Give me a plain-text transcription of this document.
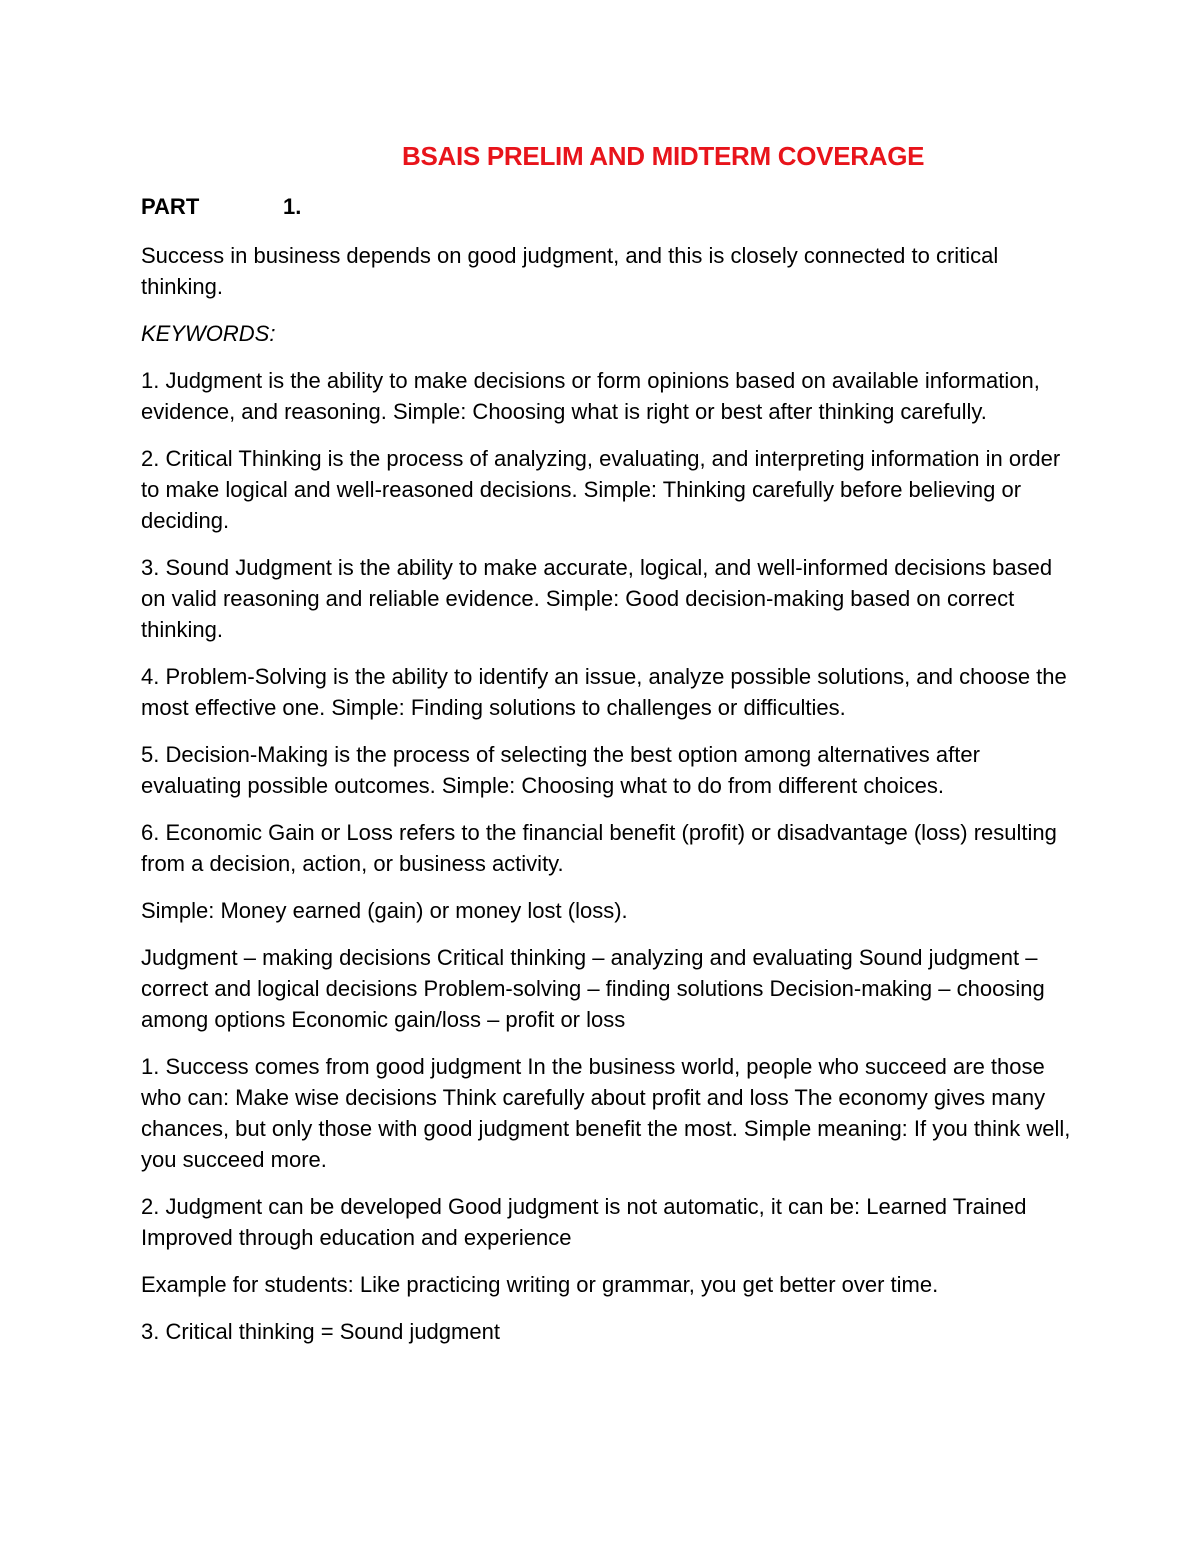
BSAIS PRELIM AND MIDTERM COVERAGE
PART	1.

Success in business depends on good judgment, and this is closely connected to critical thinking.

KEYWORDS:

1. Judgment is the ability to make decisions or form opinions based on available information, evidence, and reasoning. Simple: Choosing what is right or best after thinking carefully.

2. Critical Thinking is the process of analyzing, evaluating, and interpreting information in order to make logical and well-reasoned decisions. Simple: Thinking carefully before believing or deciding.

3. Sound Judgment is the ability to make accurate, logical, and well-informed decisions based on valid reasoning and reliable evidence. Simple: Good decision-making based on correct thinking.

4. Problem-Solving is the ability to identify an issue, analyze possible solutions, and choose the most effective one. Simple: Finding solutions to challenges or difficulties.

5. Decision-Making is the process of selecting the best option among alternatives after evaluating possible outcomes. Simple: Choosing what to do from different choices.

6. Economic Gain or Loss refers to the financial benefit (profit) or disadvantage (loss) resulting from a decision, action, or business activity.

Simple: Money earned (gain) or money lost (loss).

Judgment – making decisions Critical thinking – analyzing and evaluating Sound judgment – correct and logical decisions Problem-solving – finding solutions Decision-making – choosing among options Economic gain/loss – profit or loss

1. Success comes from good judgment In the business world, people who succeed are those who can: Make wise decisions Think carefully about profit and loss The economy gives many chances, but only those with good judgment benefit the most. Simple meaning: If you think well, you succeed more.

2. Judgment can be developed Good judgment is not automatic, it can be: Learned Trained Improved through education and experience

Example for students: Like practicing writing or grammar, you get better over time.

3. Critical thinking = Sound judgment
